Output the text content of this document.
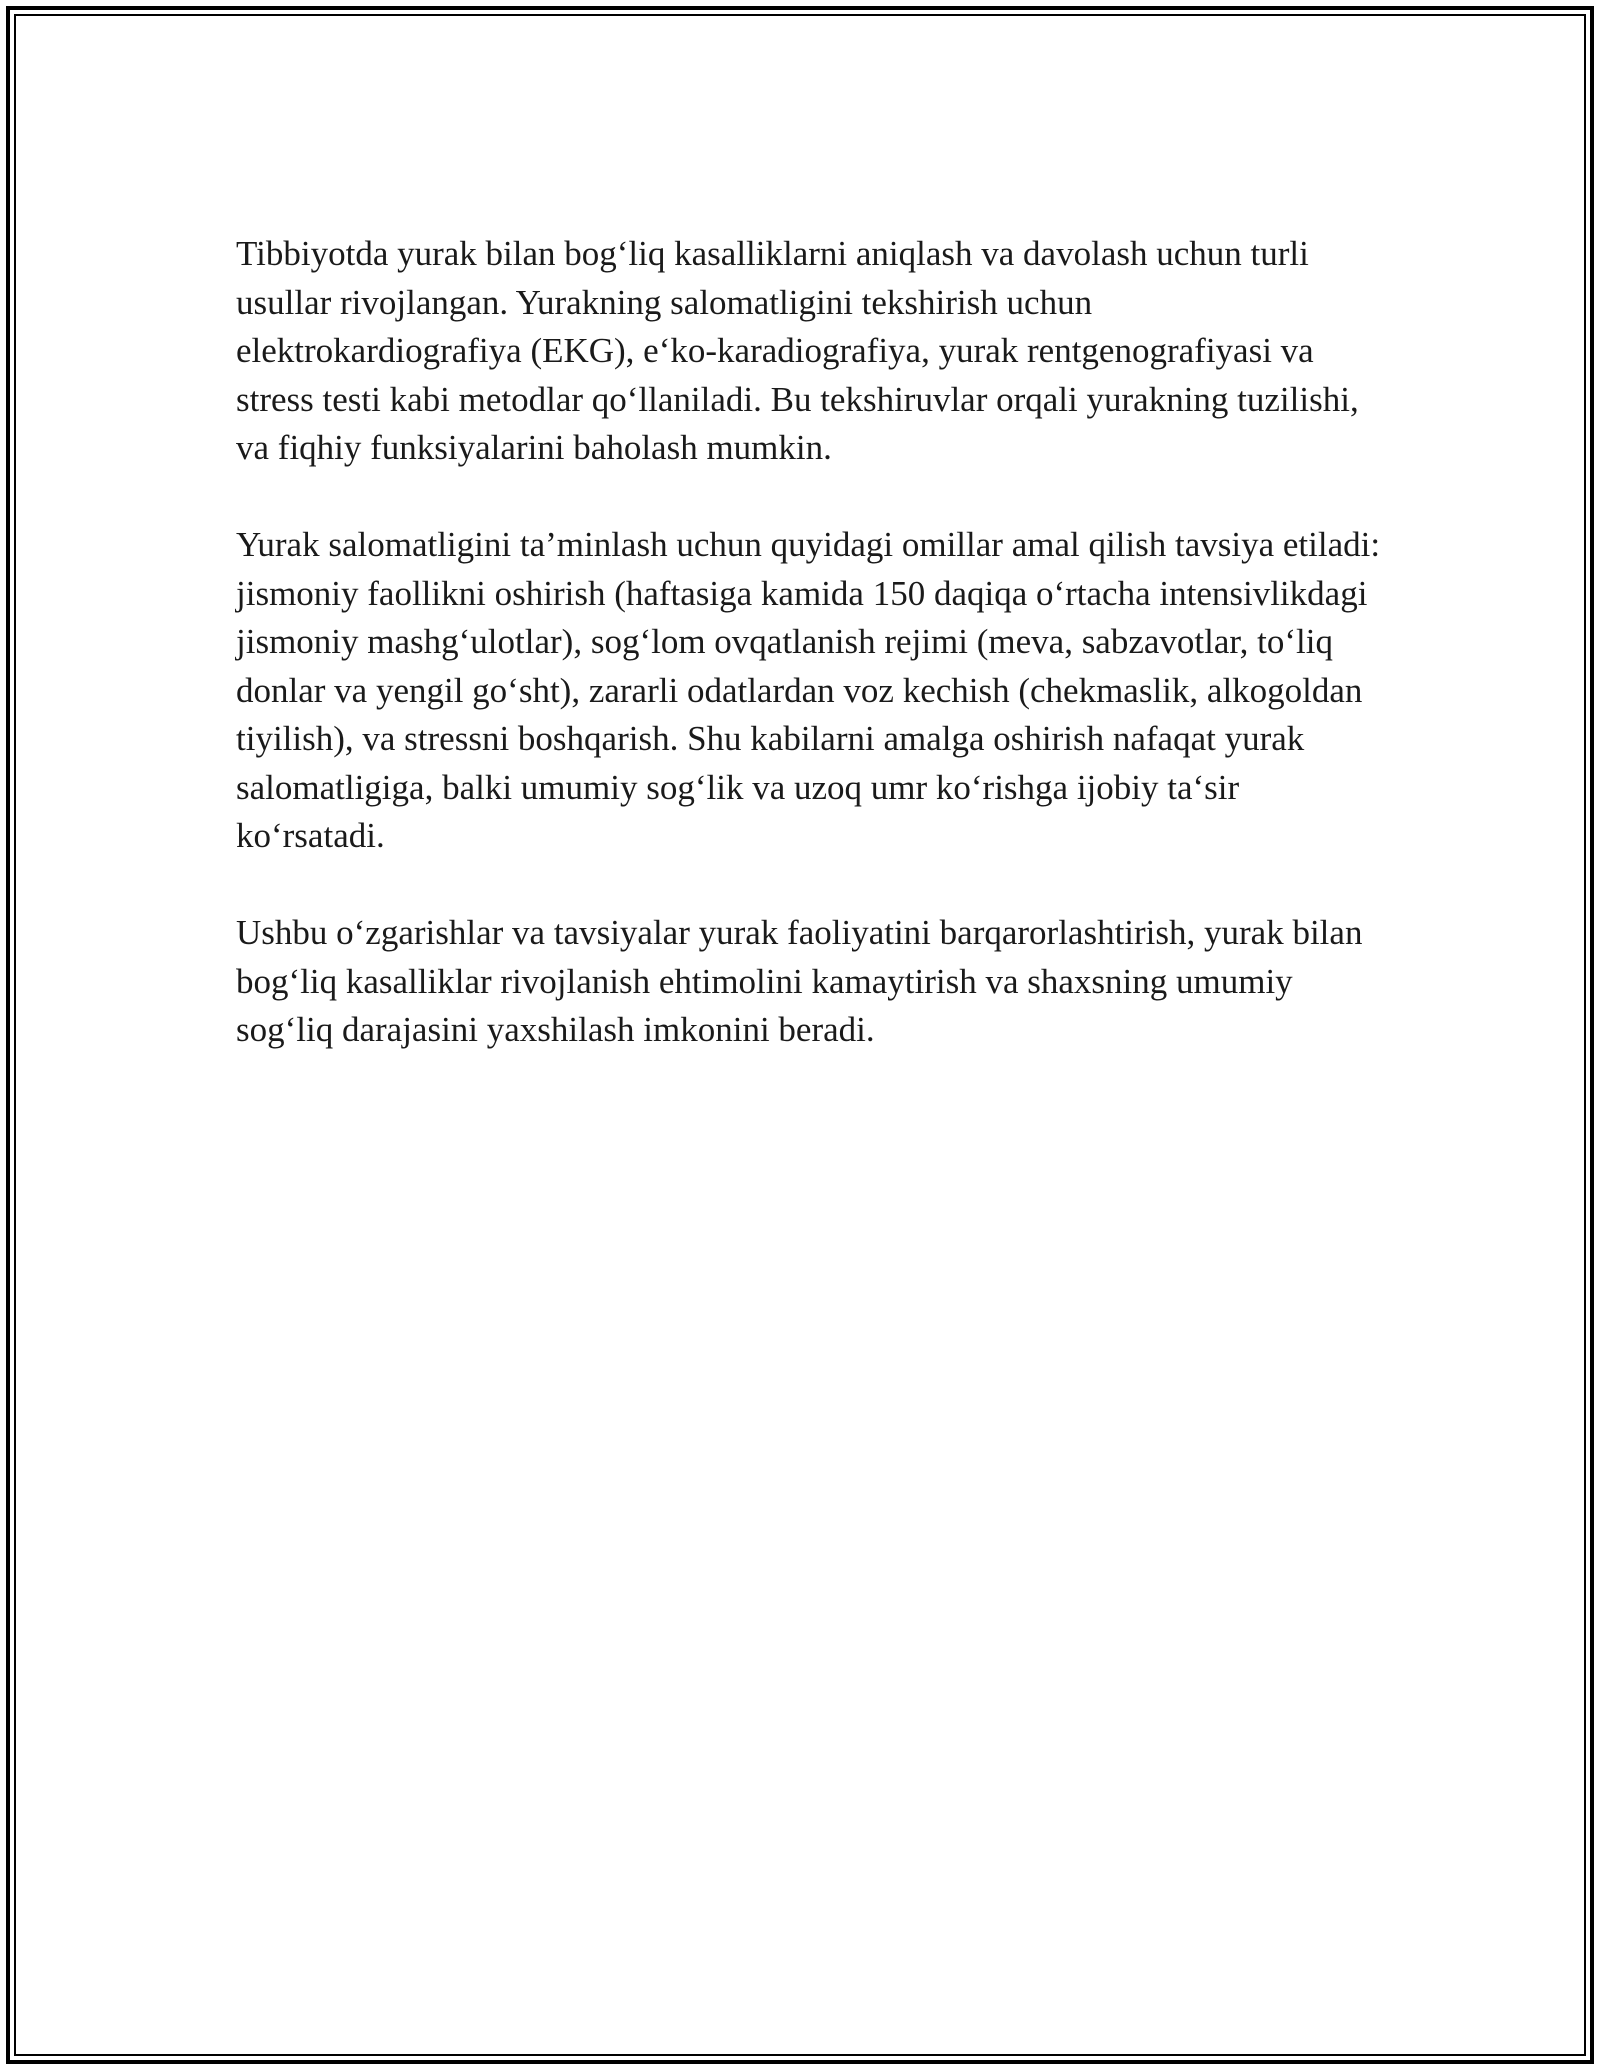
Tibbiyotda yurak bilan bog‘liq kasalliklarni aniqlash va davolash uchun turli usullar rivojlangan. Yurakning salomatligini tekshirish uchun elektrokardiografiya (EKG), e‘ko-karadiografiya, yurak rentgenografiyasi va stress testi kabi metodlar qo‘llaniladi. Bu tekshiruvlar orqali yurakning tuzilishi, va fiqhiy funksiyalarini baholash mumkin.

Yurak salomatligini ta’minlash uchun quyidagi omillar amal qilish tavsiya etiladi: jismoniy faollikni oshirish (haftasiga kamida 150 daqiqa o‘rtacha intensivlikdagi jismoniy mashg‘ulotlar), sog‘lom ovqatlanish rejimi (meva, sabzavotlar, to‘liq donlar va yengil go‘sht), zararli odatlardan voz kechish (chekmaslik, alkogoldan tiyilish), va stressni boshqarish. Shu kabilarni amalga oshirish nafaqat yurak salomatligiga, balki umumiy sog‘lik va uzoq umr ko‘rishga ijobiy ta‘sir ko‘rsatadi.

Ushbu o‘zgarishlar va tavsiyalar yurak faoliyatini barqarorlashtirish, yurak bilan bog‘liq kasalliklar rivojlanish ehtimolini kamaytirish va shaxsning umumiy sog‘liq darajasini yaxshilash imkonini beradi.
